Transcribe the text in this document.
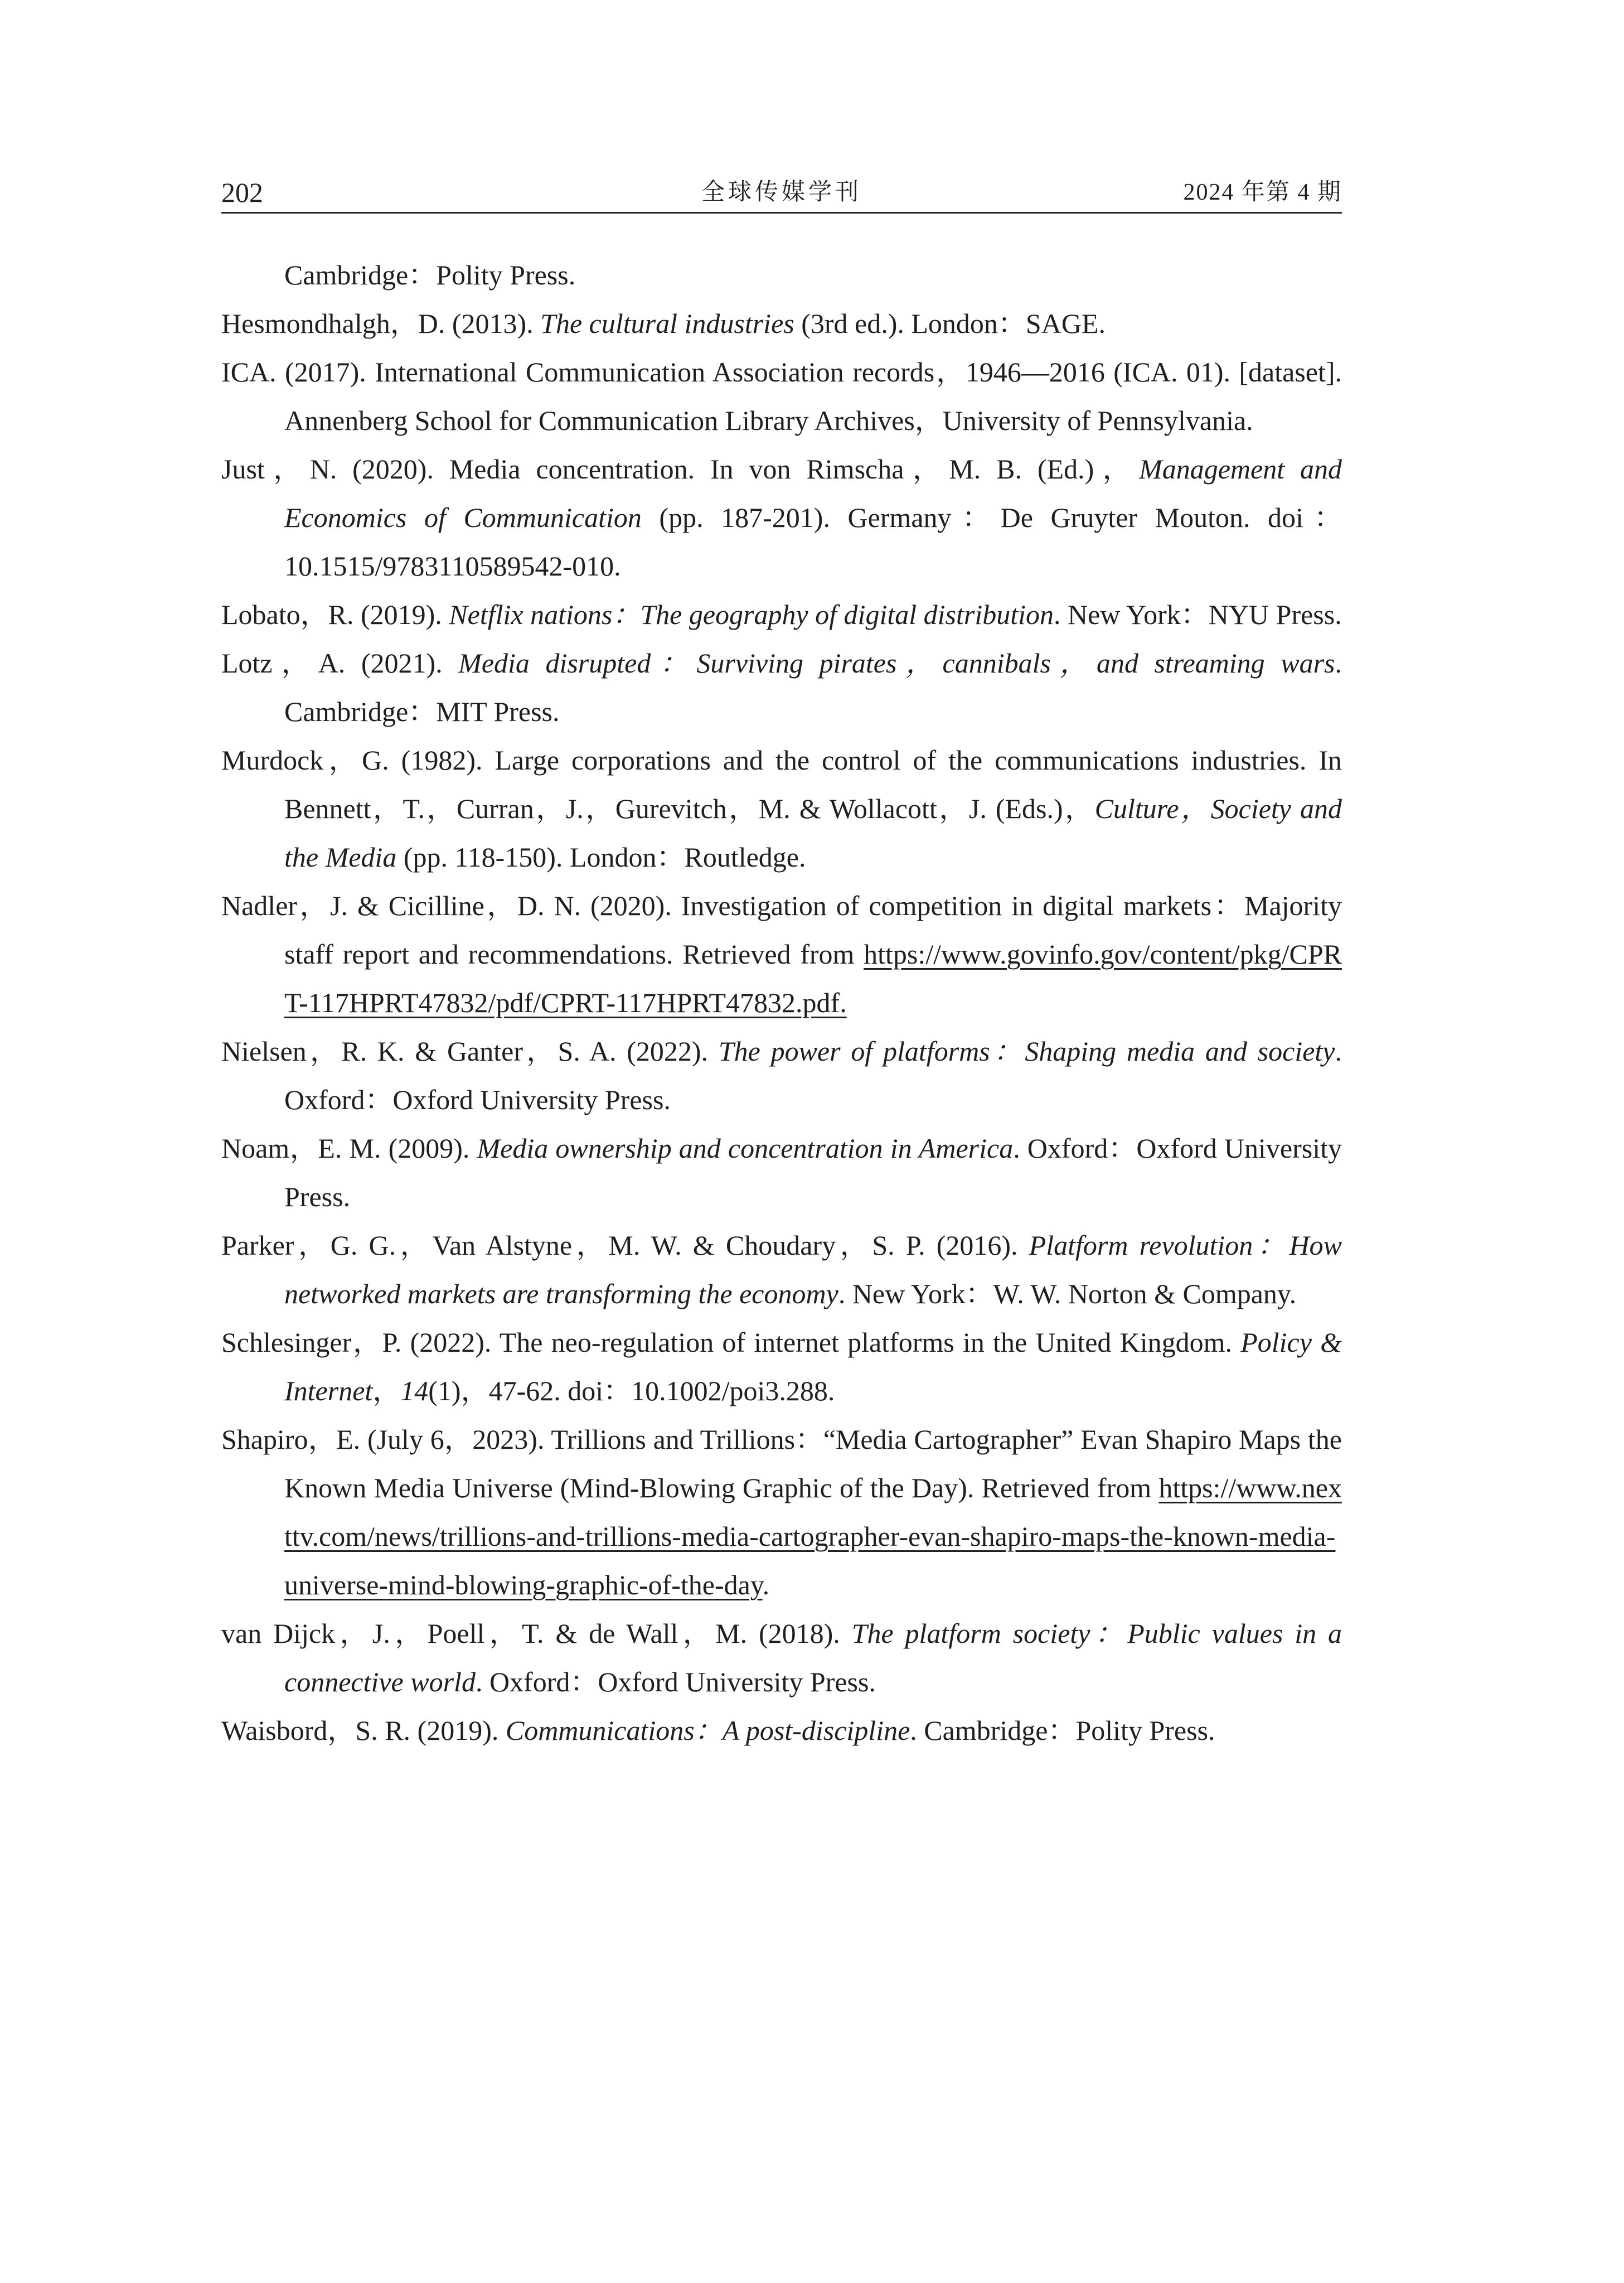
202	全球传媒学刊	2024 年第 4 期
Cambridge：Polity Press.
Hesmondhalgh，D. (2013). The cultural industries (3rd ed.). London：SAGE.
ICA. (2017). International Communication Association records，1946—2016 (ICA. 01). [dataset]. Annenberg School for Communication Library Archives，University of Pennsylvania.
Just，N. (2020). Media concentration. In von Rimscha，M. B. (Ed.)，Management and Economics of Communication (pp. 187-201). Germany：De Gruyter Mouton. doi：10.1515/9783110589542-010.
Lobato，R. (2019). Netflix nations：The geography of digital distribution. New York：NYU Press.
Lotz，A. (2021). Media disrupted：Surviving pirates，cannibals，and streaming wars. Cambridge：MIT Press.
Murdock，G. (1982). Large corporations and the control of the communications industries. In Bennett，T.，Curran，J.，Gurevitch，M. & Wollacott，J. (Eds.)，Culture，Society and the Media (pp. 118-150). London：Routledge.
Nadler，J. & Cicilline，D. N. (2020). Investigation of competition in digital markets：Majority staff report and recommendations. Retrieved from https://www.govinfo.gov/content/pkg/CPRT-117HPRT47832/pdf/CPRT-117HPRT47832.pdf.
Nielsen，R. K. & Ganter，S. A. (2022). The power of platforms：Shaping media and society. Oxford：Oxford University Press.
Noam，E. M. (2009). Media ownership and concentration in America. Oxford：Oxford University Press.
Parker，G. G.，Van Alstyne，M. W. & Choudary，S. P. (2016). Platform revolution：How networked markets are transforming the economy. New York：W. W. Norton & Company.
Schlesinger，P. (2022). The neo-regulation of internet platforms in the United Kingdom. Policy & Internet，14(1)，47-62. doi：10.1002/poi3.288.
Shapiro，E. (July 6，2023). Trillions and Trillions：“Media Cartographer” Evan Shapiro Maps the Known Media Universe (Mind-Blowing Graphic of the Day). Retrieved from https://www.nexttv.com/news/trillions-and-trillions-media-cartographer-evan-shapiro-maps-the-known-media-universe-mind-blowing-graphic-of-the-day.
van Dijck，J.，Poell，T. & de Wall，M. (2018). The platform society：Public values in a connective world. Oxford：Oxford University Press.
Waisbord，S. R. (2019). Communications：A post-discipline. Cambridge：Polity Press.
